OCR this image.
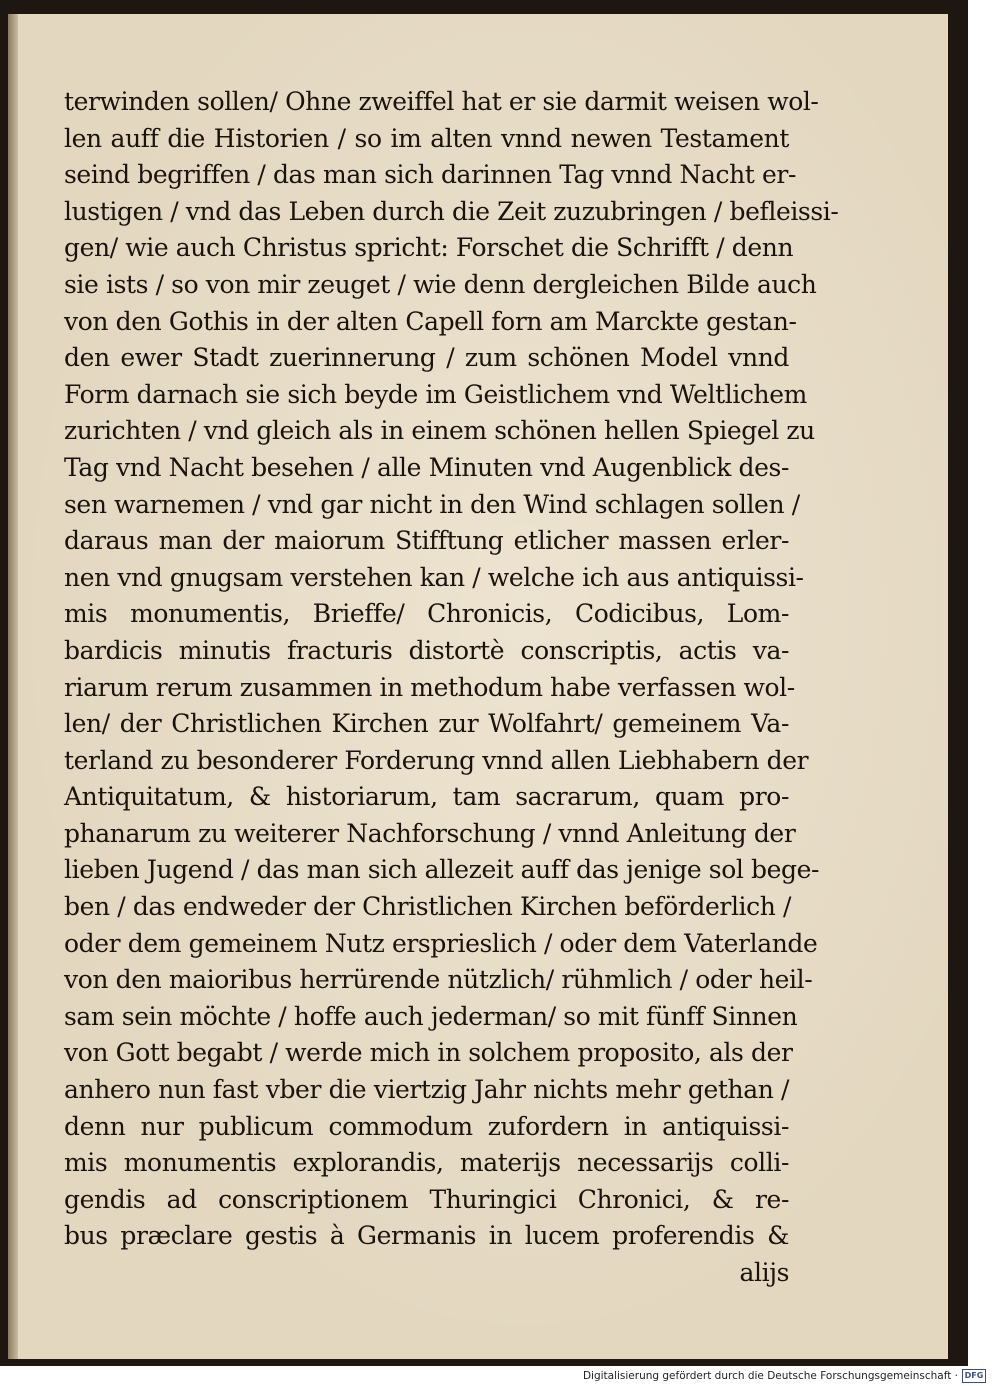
terwinden sollen/ Ohne zweiffel hat er sie darmit weisen wol-
len auff die Historien / so im alten vnnd newen Testament
seind begriffen / das man sich darinnen Tag vnnd Nacht er-
lustigen / vnd das Leben durch die Zeit zuzubringen / befleissi-
gen/ wie auch Christus spricht: Forschet die Schrifft / denn
sie ists / so von mir zeuget / wie denn dergleichen Bilde auch
von den Gothis in der alten Capell forn am Marckte gestan-
den ewer Stadt zuerinnerung / zum schönen Model vnnd
Form darnach sie sich beyde im Geistlichem vnd Weltlichem
zurichten / vnd gleich als in einem schönen hellen Spiegel zu
Tag vnd Nacht besehen / alle Minuten vnd Augenblick des-
sen warnemen / vnd gar nicht in den Wind schlagen sollen /
daraus man der maiorum Stifftung etlicher massen erler-
nen vnd gnugsam verstehen kan / welche ich aus antiquissi-
mis monumentis, Brieffe/ Chronicis, Codicibus, Lom-
bardicis minutis fracturis distortè conscriptis, actis va-
riarum rerum zusammen in methodum habe verfassen wol-
len/ der Christlichen Kirchen zur Wolfahrt/ gemeinem Va-
terland zu besonderer Forderung vnnd allen Liebhabern der
Antiquitatum, & historiarum, tam sacrarum, quam pro-
phanarum zu weiterer Nachforschung / vnnd Anleitung der
lieben Jugend / das man sich allezeit auff das jenige sol bege-
ben / das endweder der Christlichen Kirchen beförderlich /
oder dem gemeinem Nutz ersprieslich / oder dem Vaterlande
von den maioribus herrürende nützlich/ rühmlich / oder heil-
sam sein möchte / hoffe auch jederman/ so mit fünff Sinnen
von Gott begabt / werde mich in solchem proposito, als der
anhero nun fast vber die viertzig Jahr nichts mehr gethan /
denn nur publicum commodum zufordern in antiquissi-
mis monumentis explorandis, materijs necessarijs colli-
gendis ad conscriptionem Thuringici Chronici, & re-
bus præclare gestis à Germanis in lucem proferendis &
alijs
Digitalisierung gefördert durch die Deutsche Forschungsgemeinschaft · DFG
